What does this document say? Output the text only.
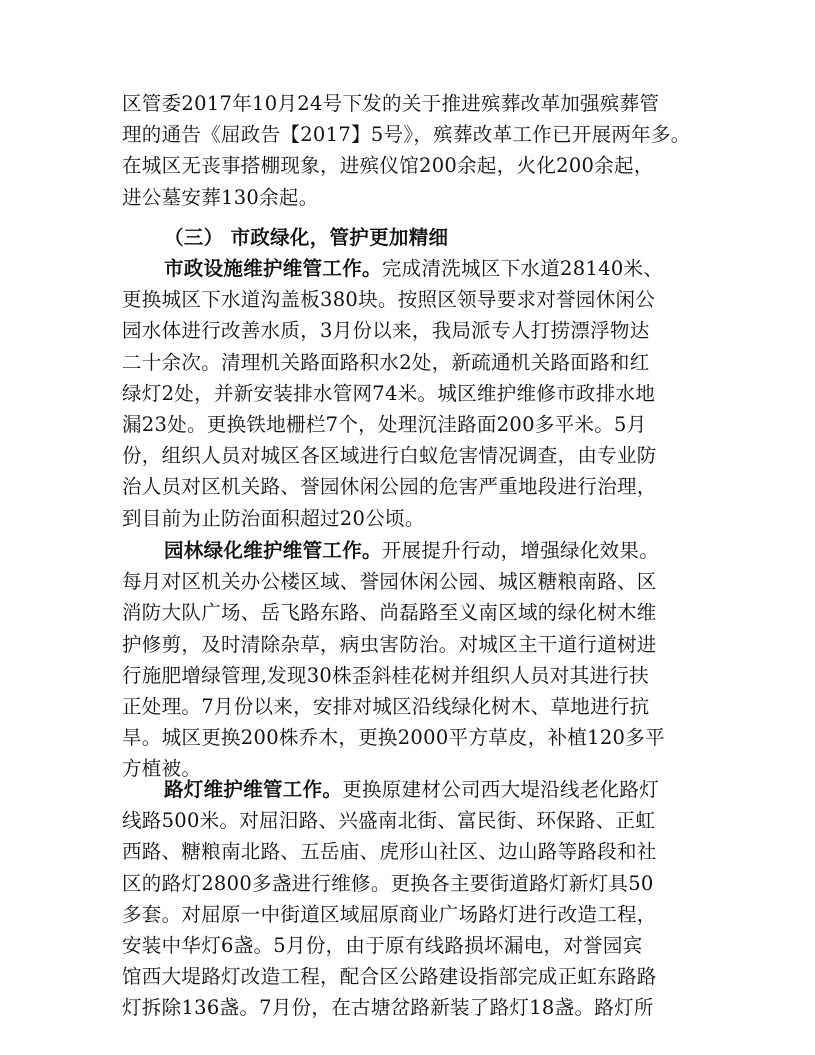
区管委2017年10月24号下发的关于推进殡葬改革加强殡葬管
理的通告《屈政告【2017】5号》，殡葬改革工作已开展两年多。
在城区无丧事搭棚现象，进殡仪馆200余起，火化200余起，
进公墓安葬130余起。
（三） 市政绿化，管护更加精细
市政设施维护维管工作。完成清洗城区下水道28140米、
更换城区下水道沟盖板380块。按照区领导要求对誉园休闲公
园水体进行改善水质，3月份以来，我局派专人打捞漂浮物达
二十余次。清理机关路面路积水2处，新疏通机关路面路和红
绿灯2处，并新安装排水管网74米。城区维护维修市政排水地
漏23处。更换铁地栅栏7个，处理沉洼路面200多平米。5月
份，组织人员对城区各区域进行白蚁危害情况调查，由专业防
治人员对区机关路、誉园休闲公园的危害严重地段进行治理，
到目前为止防治面积超过20公顷。
园林绿化维护维管工作。开展提升行动，增强绿化效果。
每月对区机关办公楼区域、誉园休闲公园、城区糖粮南路、区
消防大队广场、岳飞路东路、尚磊路至义南区域的绿化树木维
护修剪，及时清除杂草，病虫害防治。对城区主干道行道树进
行施肥增绿管理,发现30株歪斜桂花树并组织人员对其进行扶
正处理。7月份以来，安排对城区沿线绿化树木、草地进行抗
旱。城区更换200株乔木，更换2000平方草皮，补植120多平
方植被。
路灯维护维管工作。更换原建材公司西大堤沿线老化路灯
线路500米。对屈汨路、兴盛南北街、富民街、环保路、正虹
西路、糖粮南北路、五岳庙、虎形山社区、边山路等路段和社
区的路灯2800多盏进行维修。更换各主要街道路灯新灯具50
多套。对屈原一中街道区域屈原商业广场路灯进行改造工程，
安装中华灯6盏。5月份，由于原有线路损坏漏电，对誉园宾
馆西大堤路灯改造工程，配合区公路建设指部完成正虹东路路
灯拆除136盏。7月份，在古塘岔路新装了路灯18盏。路灯所
